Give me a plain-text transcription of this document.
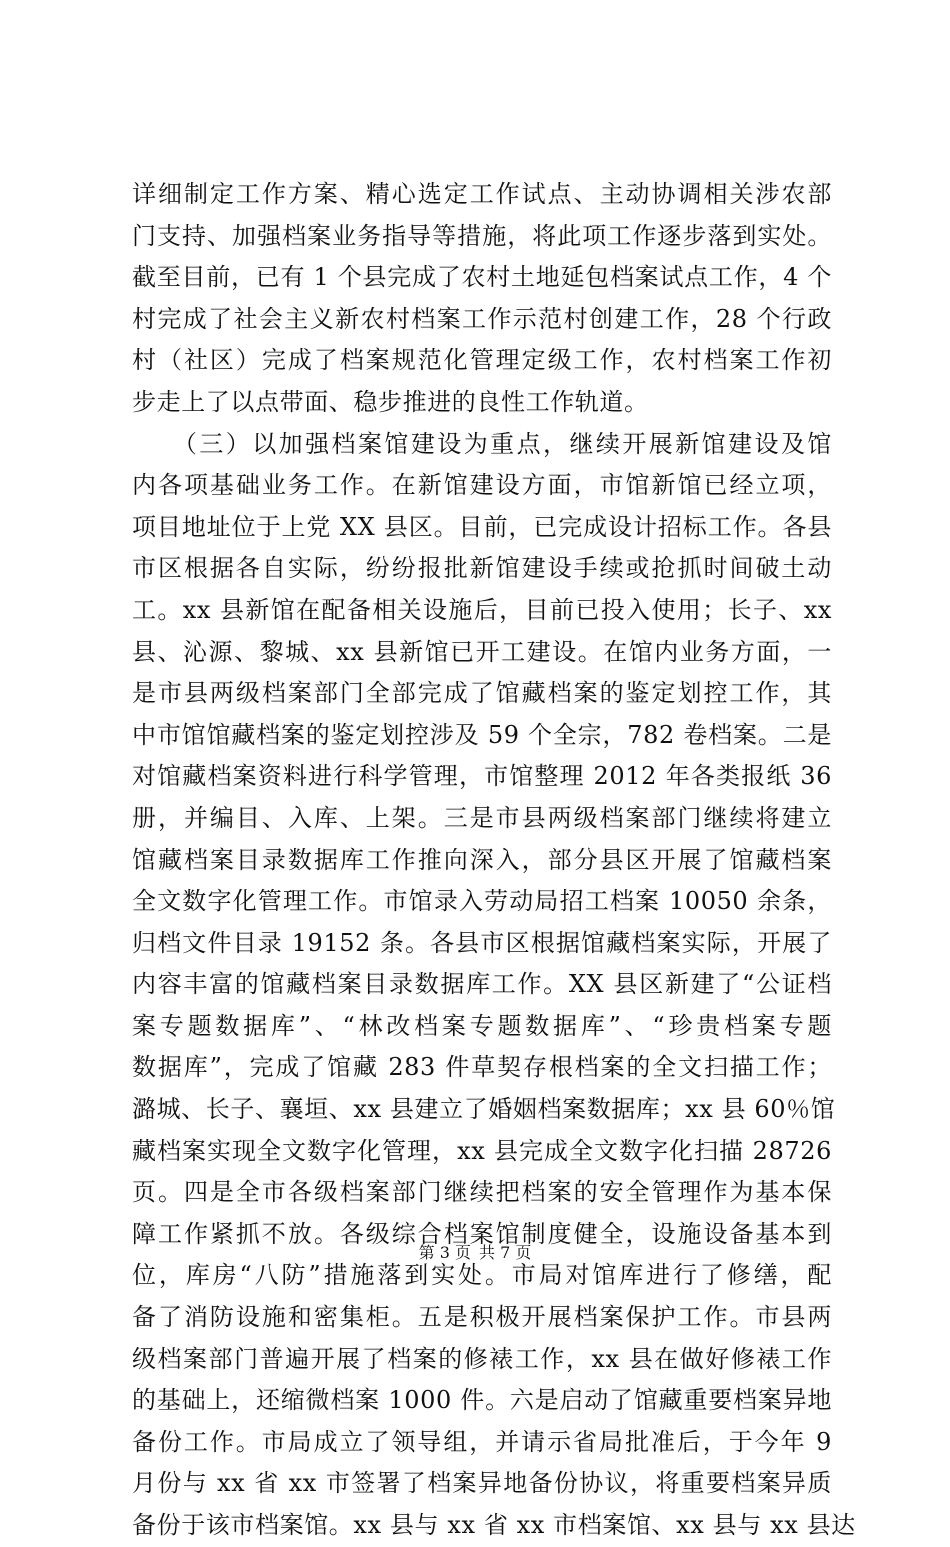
详细制定工作方案、精心选定工作试点、主动协调相关涉农部
门支持、加强档案业务指导等措施，将此项工作逐步落到实处。
截至目前，已有 1 个县完成了农村土地延包档案试点工作，4 个
村完成了社会主义新农村档案工作示范村创建工作，28 个行政
村（社区）完成了档案规范化管理定级工作，农村档案工作初
步走上了以点带面、稳步推进的良性工作轨道。
　　（三）以加强档案馆建设为重点，继续开展新馆建设及馆
内各项基础业务工作。在新馆建设方面，市馆新馆已经立项，
项目地址位于上党 XX 县区。目前，已完成设计招标工作。各县
市区根据各自实际，纷纷报批新馆建设手续或抢抓时间破土动
工。xx 县新馆在配备相关设施后，目前已投入使用；长子、xx
县、沁源、黎城、xx 县新馆已开工建设。在馆内业务方面，一
是市县两级档案部门全部完成了馆藏档案的鉴定划控工作，其
中市馆馆藏档案的鉴定划控涉及 59 个全宗，782 卷档案。二是
对馆藏档案资料进行科学管理，市馆整理 2012 年各类报纸 36
册，并编目、入库、上架。三是市县两级档案部门继续将建立
馆藏档案目录数据库工作推向深入，部分县区开展了馆藏档案
全文数字化管理工作。市馆录入劳动局招工档案 10050 余条，
归档文件目录 19152 条。各县市区根据馆藏档案实际，开展了
内容丰富的馆藏档案目录数据库工作。XX 县区新建了“公证档
案专题数据库”、“林改档案专题数据库”、“珍贵档案专题
数据库”，完成了馆藏 283 件草契存根档案的全文扫描工作；
潞城、长子、襄垣、xx 县建立了婚姻档案数据库；xx 县 60％馆
藏档案实现全文数字化管理，xx 县完成全文数字化扫描 28726
页。四是全市各级档案部门继续把档案的安全管理作为基本保
障工作紧抓不放。各级综合档案馆制度健全，设施设备基本到
位，库房“八防”措施落到实处。市局对馆库进行了修缮，配
备了消防设施和密集柜。五是积极开展档案保护工作。市县两
级档案部门普遍开展了档案的修裱工作，xx 县在做好修裱工作
的基础上，还缩微档案 1000 件。六是启动了馆藏重要档案异地
备份工作。市局成立了领导组，并请示省局批准后，于今年 9
月份与 xx 省 xx 市签署了档案异地备份协议，将重要档案异质
备份于该市档案馆。xx 县与 xx 省 xx 市档案馆、xx 县与 xx 县达
第 3 页 共 7 页
